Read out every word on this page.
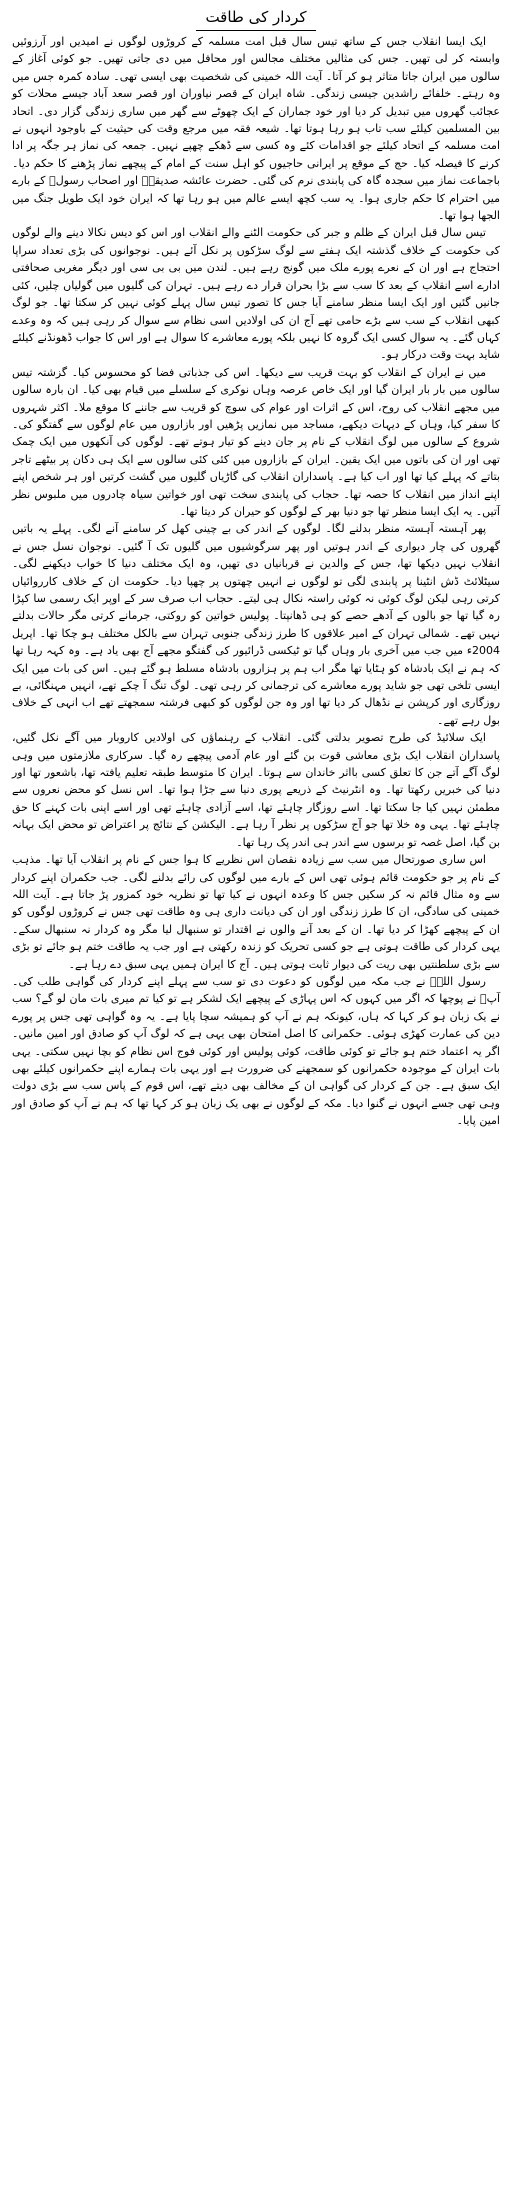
کردار کی طاقت

ایک ایسا انقلاب جس کے ساتھ تیس سال قبل امت مسلمہ کے کروڑوں لوگوں نے امیدیں اور آرزوئیں وابستہ کر لی تھیں۔ جس کی مثالیں مختلف مجالس اور محافل میں دی جاتی تھیں۔ جو کوئی آغاز کے سالوں میں ایران جاتا متاثر ہو کر آتا۔ آیت اللہ خمینی کی شخصیت بھی ایسی تھی۔ سادہ کمرہ جس میں وہ رہتے۔ خلفائے راشدین جیسی زندگی۔ شاہ ایران کے قصر نیاوران اور قصر سعد آباد جیسے محلات کو عجائب گھروں میں تبدیل کر دیا اور خود جماران کے ایک چھوٹے سے گھر میں ساری زندگی گزار دی۔ اتحاد بین المسلمین کیلئے سب تاب ہو رہا ہوتا تھا۔ شیعہ فقہ میں مرجع وقت کی حیثیت کے باوجود انہوں نے امت مسلمہ کے اتحاد کیلئے جو اقدامات کئے وہ کسی سے ڈھکے چھپے نہیں۔ جمعہ کی نماز ہر جگہ پر ادا کرنے کا فیصلہ کیا۔ حج کے موقع پر ایرانی حاجیوں کو اہل سنت کے امام کے پیچھے نماز پڑھنے کا حکم دیا۔ باجماعت نماز میں سجدہ گاہ کی پابندی نرم کی گئی۔ حضرت عائشہ صدیقہؓ اور اصحاب رسولؐ کے بارے میں احترام کا حکم جاری ہوا۔ یہ سب کچھ ایسے عالم میں ہو رہا تھا کہ ایران خود ایک طویل جنگ میں الجھا ہوا تھا۔

تیس سال قبل ایران کے ظلم و جبر کی حکومت الٹنے والے انقلاب اور اس کو دیس نکالا دینے والے لوگوں کی حکومت کے خلاف گذشتہ ایک ہفتے سے لوگ سڑکوں پر نکل آئے ہیں۔ نوجوانوں کی بڑی تعداد سراپا احتجاج ہے اور ان کے نعرے پورے ملک میں گونج رہے ہیں۔ لندن میں بی بی سی اور دیگر مغربی صحافتی ادارے اسے انقلاب کے بعد کا سب سے بڑا بحران قرار دے رہے ہیں۔ تہران کی گلیوں میں گولیاں چلیں، کئی جانیں گئیں اور ایک ایسا منظر سامنے آیا جس کا تصور تیس سال پہلے کوئی نہیں کر سکتا تھا۔ جو لوگ کبھی انقلاب کے سب سے بڑے حامی تھے آج ان کی اولادیں اسی نظام سے سوال کر رہی ہیں کہ وہ وعدے کہاں گئے۔ یہ سوال کسی ایک گروہ کا نہیں بلکہ پورے معاشرے کا سوال ہے اور اس کا جواب ڈھونڈنے کیلئے شاید بہت وقت درکار ہو۔

میں نے ایران کے انقلاب کو بہت قریب سے دیکھا۔ اس کی جذباتی فضا کو محسوس کیا۔ گزشتہ تیس سالوں میں بار بار ایران گیا اور ایک خاص عرصہ وہاں نوکری کے سلسلے میں قیام بھی کیا۔ ان بارہ سالوں میں مجھے انقلاب کی روح، اس کے اثرات اور عوام کی سوچ کو قریب سے جاننے کا موقع ملا۔ اکثر شہروں کا سفر کیا، وہاں کے دیہات دیکھے، مساجد میں نمازیں پڑھیں اور بازاروں میں عام لوگوں سے گفتگو کی۔ شروع کے سالوں میں لوگ انقلاب کے نام پر جان دینے کو تیار ہوتے تھے۔ لوگوں کی آنکھوں میں ایک چمک تھی اور ان کی باتوں میں ایک یقین۔ ایران کے بازاروں میں کئی کئی سالوں سے ایک ہی دکان پر بیٹھے تاجر بتاتے کہ پہلے کیا تھا اور اب کیا ہے۔ پاسداران انقلاب کی گاڑیاں گلیوں میں گشت کرتیں اور ہر شخص اپنے اپنے انداز میں انقلاب کا حصہ تھا۔ حجاب کی پابندی سخت تھی اور خواتین سیاہ چادروں میں ملبوس نظر آتیں۔ یہ ایک ایسا منظر تھا جو دنیا بھر کے لوگوں کو حیران کر دیتا تھا۔

پھر آہستہ آہستہ منظر بدلنے لگا۔ لوگوں کے اندر کی بے چینی کھل کر سامنے آنے لگی۔ پہلے یہ باتیں گھروں کی چار دیواری کے اندر ہوتیں اور پھر سرگوشیوں میں گلیوں تک آ گئیں۔ نوجوان نسل جس نے انقلاب نہیں دیکھا تھا، جس کے والدین نے قربانیاں دی تھیں، وہ ایک مختلف دنیا کا خواب دیکھنے لگی۔ سیٹلائٹ ڈش انٹینا پر پابندی لگی تو لوگوں نے انہیں چھتوں پر چھپا دیا۔ حکومت ان کے خلاف کارروائیاں کرتی رہی لیکن لوگ کوئی نہ کوئی راستہ نکال ہی لیتے۔ حجاب اب صرف سر کے اوپر ایک رسمی سا کپڑا رہ گیا تھا جو بالوں کے آدھے حصے کو ہی ڈھانپتا۔ پولیس خواتین کو روکتی، جرمانے کرتی مگر حالات بدلتے نہیں تھے۔ شمالی تہران کے امیر علاقوں کا طرز زندگی جنوبی تہران سے بالکل مختلف ہو چکا تھا۔ اپریل 2004ء میں جب میں آخری بار وہاں گیا تو ٹیکسی ڈرائیور کی گفتگو مجھے آج بھی یاد ہے۔ وہ کہہ رہا تھا کہ ہم نے ایک بادشاہ کو ہٹایا تھا مگر اب ہم پر ہزاروں بادشاہ مسلط ہو گئے ہیں۔ اس کی بات میں ایک ایسی تلخی تھی جو شاید پورے معاشرے کی ترجمانی کر رہی تھی۔ لوگ تنگ آ چکے تھے، انہیں مہنگائی، بے روزگاری اور کرپشن نے نڈھال کر دیا تھا اور وہ جن لوگوں کو کبھی فرشتہ سمجھتے تھے اب انہی کے خلاف بول رہے تھے۔

ایک سلائیڈ کی طرح تصویر بدلتی گئی۔ انقلاب کے رہنماؤں کی اولادیں کاروبار میں آگے نکل گئیں، پاسداران انقلاب ایک بڑی معاشی قوت بن گئے اور عام آدمی پیچھے رہ گیا۔ سرکاری ملازمتوں میں وہی لوگ آگے آتے جن کا تعلق کسی بااثر خاندان سے ہوتا۔ ایران کا متوسط طبقہ تعلیم یافتہ تھا، باشعور تھا اور دنیا کی خبریں رکھتا تھا۔ وہ انٹرنیٹ کے ذریعے پوری دنیا سے جڑا ہوا تھا۔ اس نسل کو محض نعروں سے مطمئن نہیں کیا جا سکتا تھا۔ اسے روزگار چاہئے تھا، اسے آزادی چاہئے تھی اور اسے اپنی بات کہنے کا حق چاہئے تھا۔ یہی وہ خلا تھا جو آج سڑکوں پر نظر آ رہا ہے۔ الیکشن کے نتائج پر اعتراض تو محض ایک بہانہ بن گیا، اصل غصہ تو برسوں سے اندر ہی اندر پک رہا تھا۔

اس ساری صورتحال میں سب سے زیادہ نقصان اس نظریے کا ہوا جس کے نام پر انقلاب آیا تھا۔ مذہب کے نام پر جو حکومت قائم ہوئی تھی اس کے بارے میں لوگوں کی رائے بدلنے لگی۔ جب حکمران اپنے کردار سے وہ مثال قائم نہ کر سکیں جس کا وعدہ انہوں نے کیا تھا تو نظریہ خود کمزور پڑ جاتا ہے۔ آیت اللہ خمینی کی سادگی، ان کا طرز زندگی اور ان کی دیانت داری ہی وہ طاقت تھی جس نے کروڑوں لوگوں کو ان کے پیچھے کھڑا کر دیا تھا۔ ان کے بعد آنے والوں نے اقتدار تو سنبھال لیا مگر وہ کردار نہ سنبھال سکے۔ یہی کردار کی طاقت ہوتی ہے جو کسی تحریک کو زندہ رکھتی ہے اور جب یہ طاقت ختم ہو جائے تو بڑی سے بڑی سلطنتیں بھی ریت کی دیوار ثابت ہوتی ہیں۔ آج کا ایران ہمیں یہی سبق دے رہا ہے۔

رسول اللہؐ نے جب مکہ میں لوگوں کو دعوت دی تو سب سے پہلے اپنے کردار کی گواہی طلب کی۔ آپؐ نے پوچھا کہ اگر میں کہوں کہ اس پہاڑی کے پیچھے ایک لشکر ہے تو کیا تم میری بات مان لو گے؟ سب نے یک زبان ہو کر کہا کہ ہاں، کیونکہ ہم نے آپ کو ہمیشہ سچا پایا ہے۔ یہ وہ گواہی تھی جس پر پورے دین کی عمارت کھڑی ہوئی۔ حکمرانی کا اصل امتحان بھی یہی ہے کہ لوگ آپ کو صادق اور امین مانیں۔ اگر یہ اعتماد ختم ہو جائے تو کوئی طاقت، کوئی پولیس اور کوئی فوج اس نظام کو بچا نہیں سکتی۔ یہی بات ایران کے موجودہ حکمرانوں کو سمجھنے کی ضرورت ہے اور یہی بات ہمارے اپنے حکمرانوں کیلئے بھی ایک سبق ہے۔ جن کے کردار کی گواہی ان کے مخالف بھی دیتے تھے، اس قوم کے پاس سب سے بڑی دولت وہی تھی جسے انہوں نے گنوا دیا۔ مکہ کے لوگوں نے بھی یک زبان ہو کر کہا تھا کہ ہم نے آپ کو صادق اور امین پایا۔
